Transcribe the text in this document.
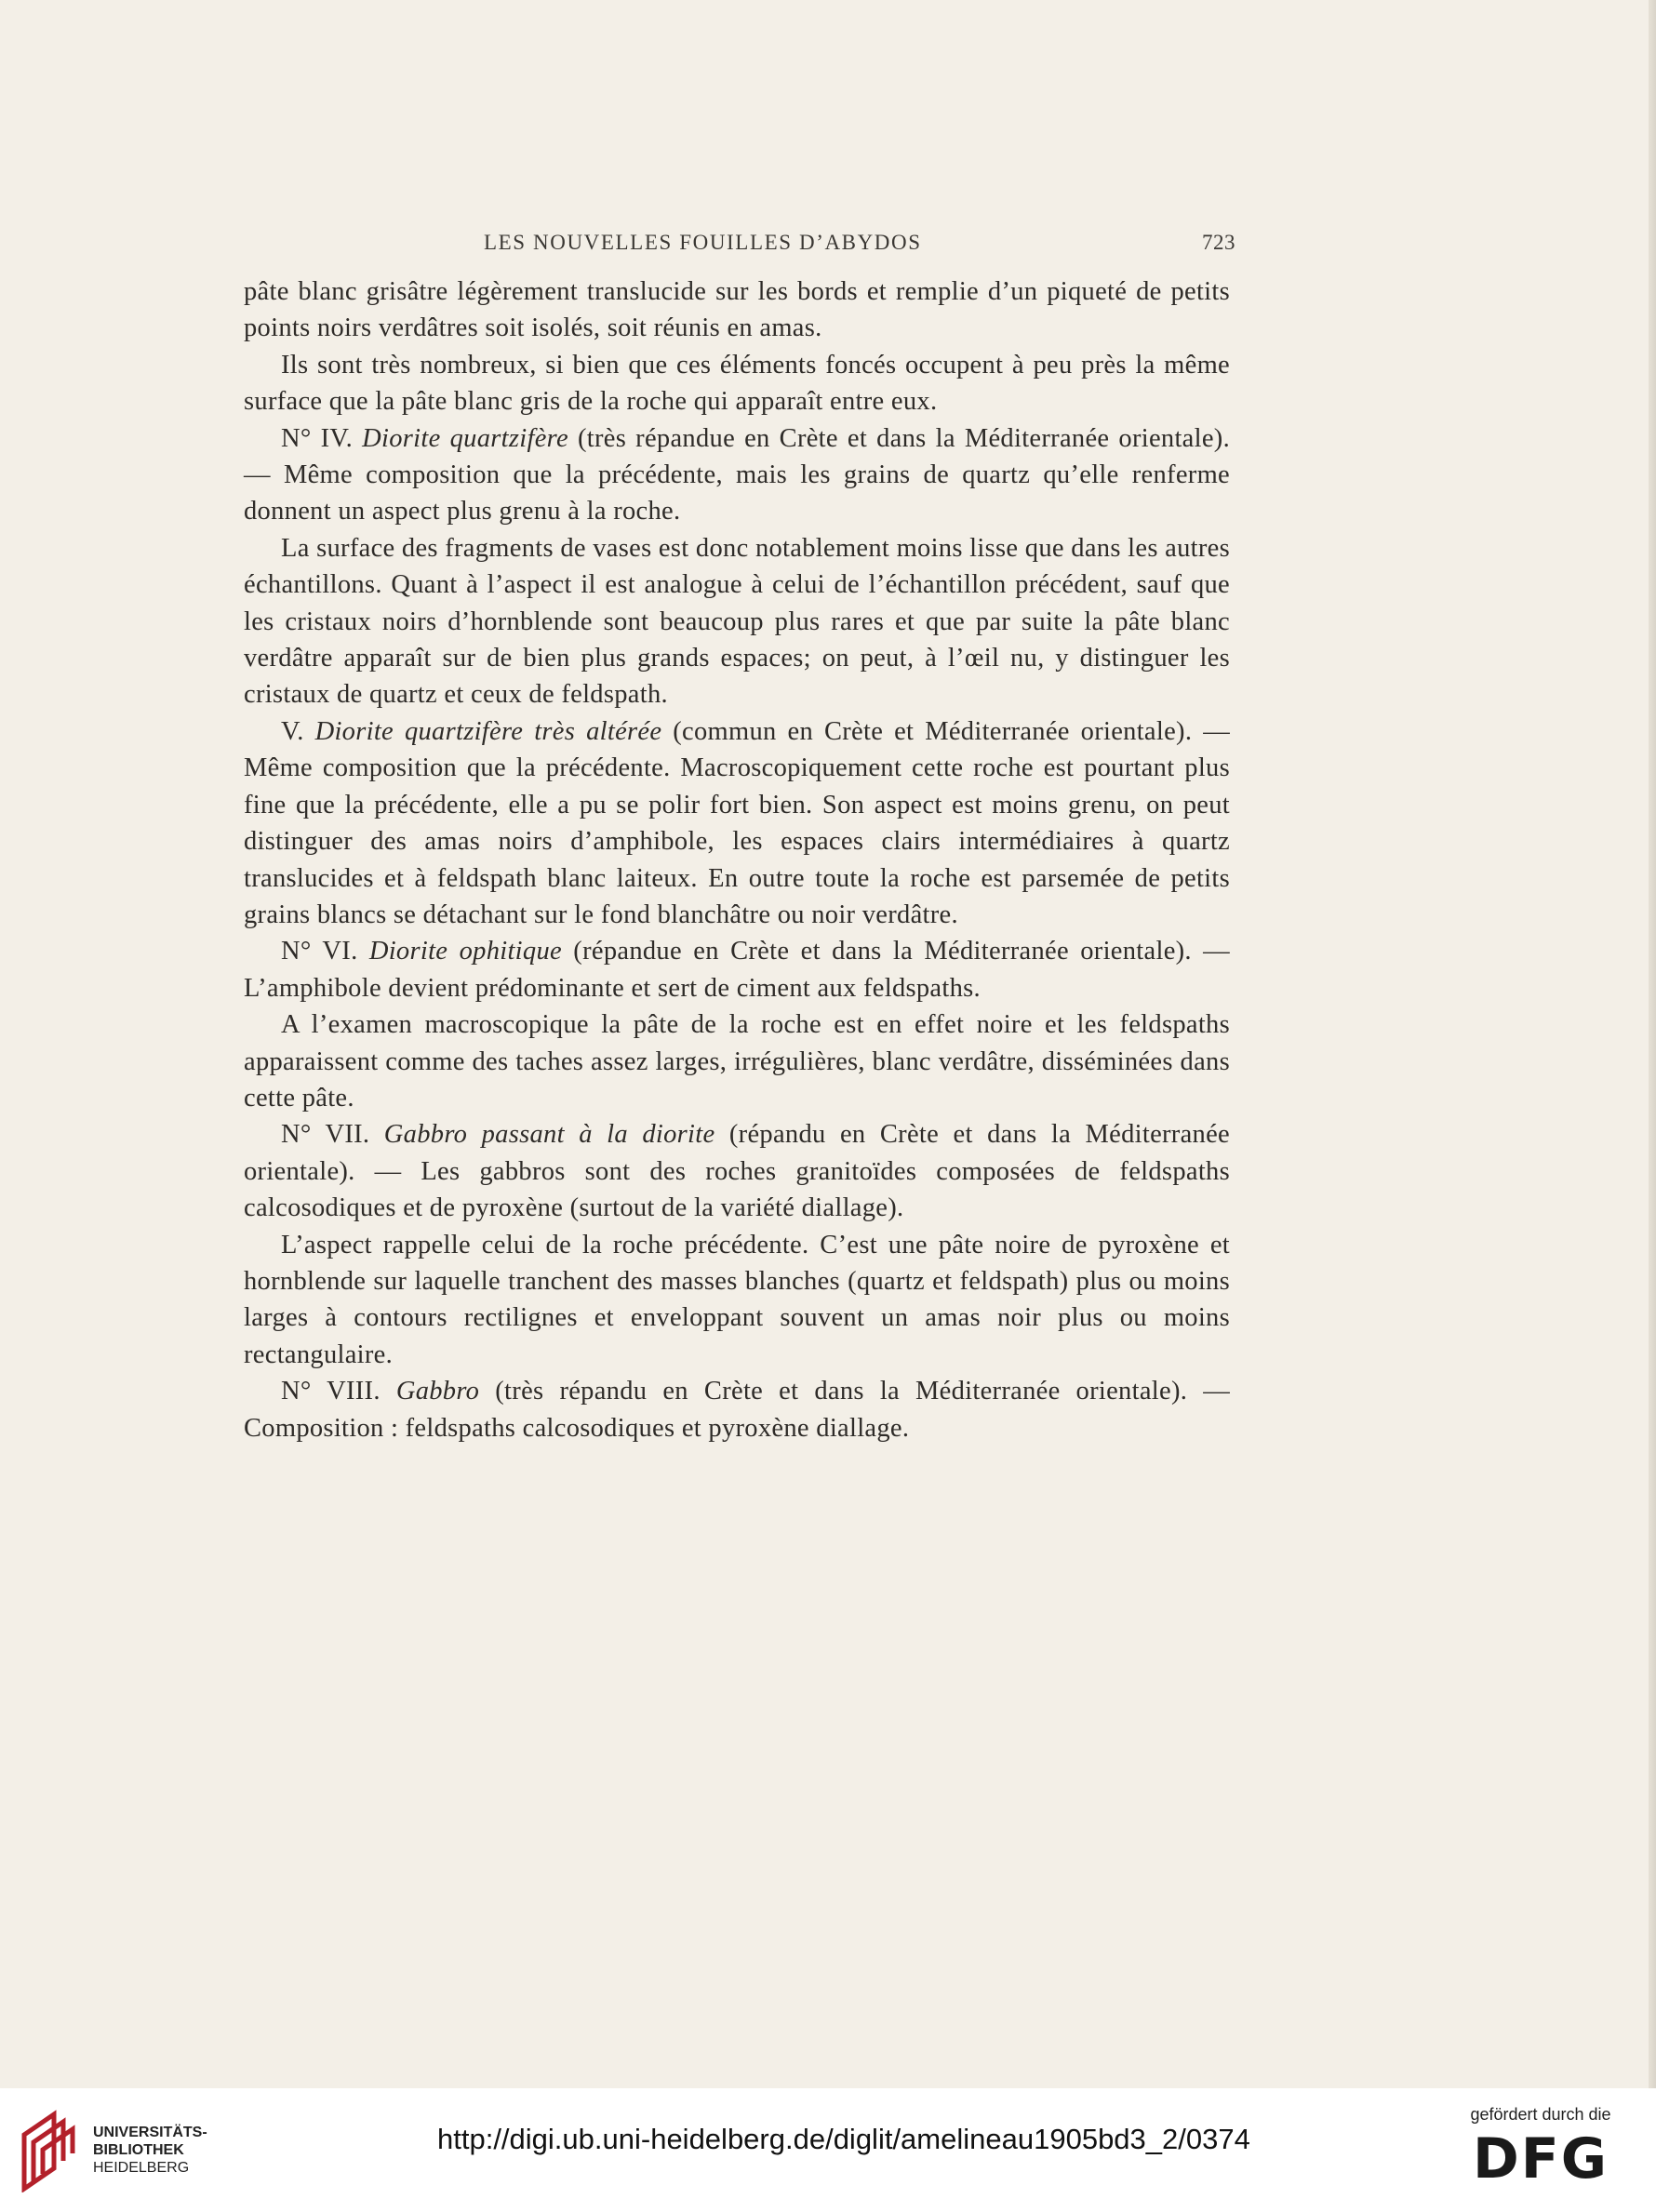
LES NOUVELLES FOUILLES D’ABYDOS	723

pâte blanc grisâtre légèrement translucide sur les bords et remplie d’un piqueté de petits points noirs verdâtres soit isolés, soit réunis en amas.

Ils sont très nombreux, si bien que ces éléments foncés occupent à peu près la même surface que la pâte blanc gris de la roche qui apparaît entre eux.

N° IV. Diorite quartzifère (très répandue en Crète et dans la Méditerranée orientale). — Même composition que la précédente, mais les grains de quartz qu’elle renferme donnent un aspect plus grenu à la roche.

La surface des fragments de vases est donc notablement moins lisse que dans les autres échantillons. Quant à l’aspect il est analogue à celui de l’échantillon précédent, sauf que les cristaux noirs d’hornblende sont beaucoup plus rares et que par suite la pâte blanc verdâtre apparaît sur de bien plus grands espaces; on peut, à l’œil nu, y distinguer les cristaux de quartz et ceux de feldspath.

V. Diorite quartzifère très altérée (commun en Crète et Méditerranée orientale). — Même composition que la précédente. Macroscopiquement cette roche est pourtant plus fine que la précédente, elle a pu se polir fort bien. Son aspect est moins grenu, on peut distinguer des amas noirs d’amphibole, les espaces clairs intermédiaires à quartz translucides et à feldspath blanc laiteux. En outre toute la roche est parsemée de petits grains blancs se détachant sur le fond blanchâtre ou noir verdâtre.

N° VI. Diorite ophitique (répandue en Crète et dans la Méditerranée orientale). — L’amphibole devient prédominante et sert de ciment aux feldspaths.

A l’examen macroscopique la pâte de la roche est en effet noire et les feldspaths apparaissent comme des taches assez larges, irrégulières, blanc verdâtre, disséminées dans cette pâte.

N° VII. Gabbro passant à la diorite (répandu en Crète et dans la Méditerranée orientale). — Les gabbros sont des roches granitoïdes composées de feldspaths calcosodiques et de pyroxène (surtout de la variété diallage).

L’aspect rappelle celui de la roche précédente. C’est une pâte noire de pyroxène et hornblende sur laquelle tranchent des masses blanches (quartz et feldspath) plus ou moins larges à contours rectilignes et enveloppant souvent un amas noir plus ou moins rectangulaire.

N° VIII. Gabbro (très répandu en Crète et dans la Méditerranée orientale). — Composition : feldspaths calcosodiques et pyroxène diallage.

UNIVERSITÄTS-
BIBLIOTHEK
HEIDELBERG
http://digi.ub.uni-heidelberg.de/diglit/amelineau1905bd3_2/0374
gefördert durch die
DFG
